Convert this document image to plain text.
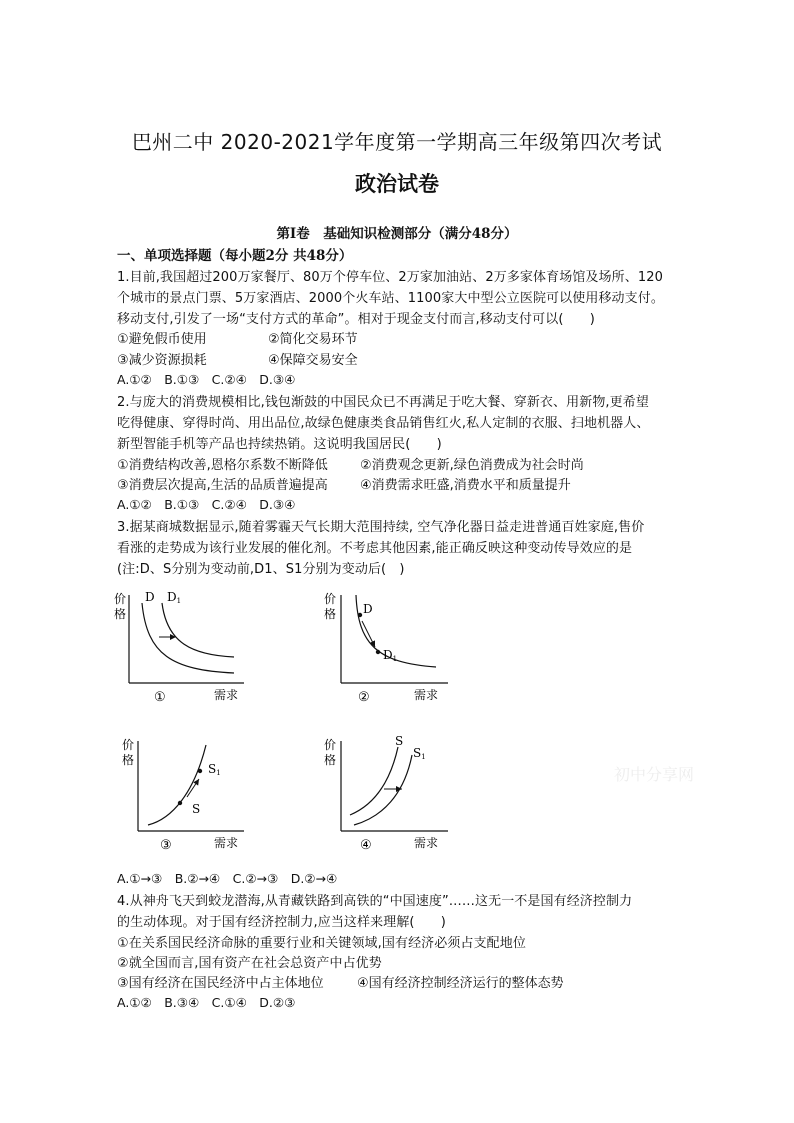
巴州二中 2020-2021学年度第一学期高三年级第四次考试
政治试卷
第Ⅰ卷　基础知识检测部分（满分48分）
一、单项选择题（每小题2分 共48分）
1.目前,我国超过200万家餐厅、80万个停车位、2万家加油站、2万多家体育场馆及场所、120
个城市的景点门票、5万家酒店、2000个火车站、1100家大中型公立医院可以使用移动支付。
移动支付,引发了一场“支付方式的革命”。相对于现金支付而言,移动支付可以(　　)
①避免假币使用	②简化交易环节
③减少资源损耗	④保障交易安全
A.①②　B.①③　C.②④　D.③④
2.与庞大的消费规模相比,钱包渐鼓的中国民众已不再满足于吃大餐、穿新衣、用新物,更希望
吃得健康、穿得时尚、用出品位,故绿色健康类食品销售红火,私人定制的衣服、扫地机器人、
新型智能手机等产品也持续热销。这说明我国居民(　　)
①消费结构改善,恩格尔系数不断降低 ②消费观念更新,绿色消费成为社会时尚
③消费层次提高,生活的品质普遍提高 ④消费需求旺盛,消费水平和质量提升
A.①②　B.①③　C.②④　D.③④
3.据某商城数据显示,随着雾霾天气长期大范围持续, 空气净化器日益走进普通百姓家庭,售价
看涨的走势成为该行业发展的催化剂。不考虑其他因素,能正确反映这种变动传导效应的是
(注:D、S分别为变动前,D1、S1分别为变动后(　)
价
格
D D1
①	需求
价
格 D
D1
②	需求
价
格
S
S1
③	需求
价
格
S
S1
④	需求
初中分享网
A.①→③　B.②→④　C.②→③　D.②→④
4.从神舟飞天到蛟龙潜海,从青藏铁路到高铁的“中国速度”……这无一不是国有经济控制力
的生动体现。对于国有经济控制力,应当这样来理解(　　)
①在关系国民经济命脉的重要行业和关键领域,国有经济必须占支配地位
②就全国而言,国有资产在社会总资产中占优势
③国有经济在国民经济中占主体地位	④国有经济控制经济运行的整体态势
A.①②　B.③④　C.①④　D.②③
